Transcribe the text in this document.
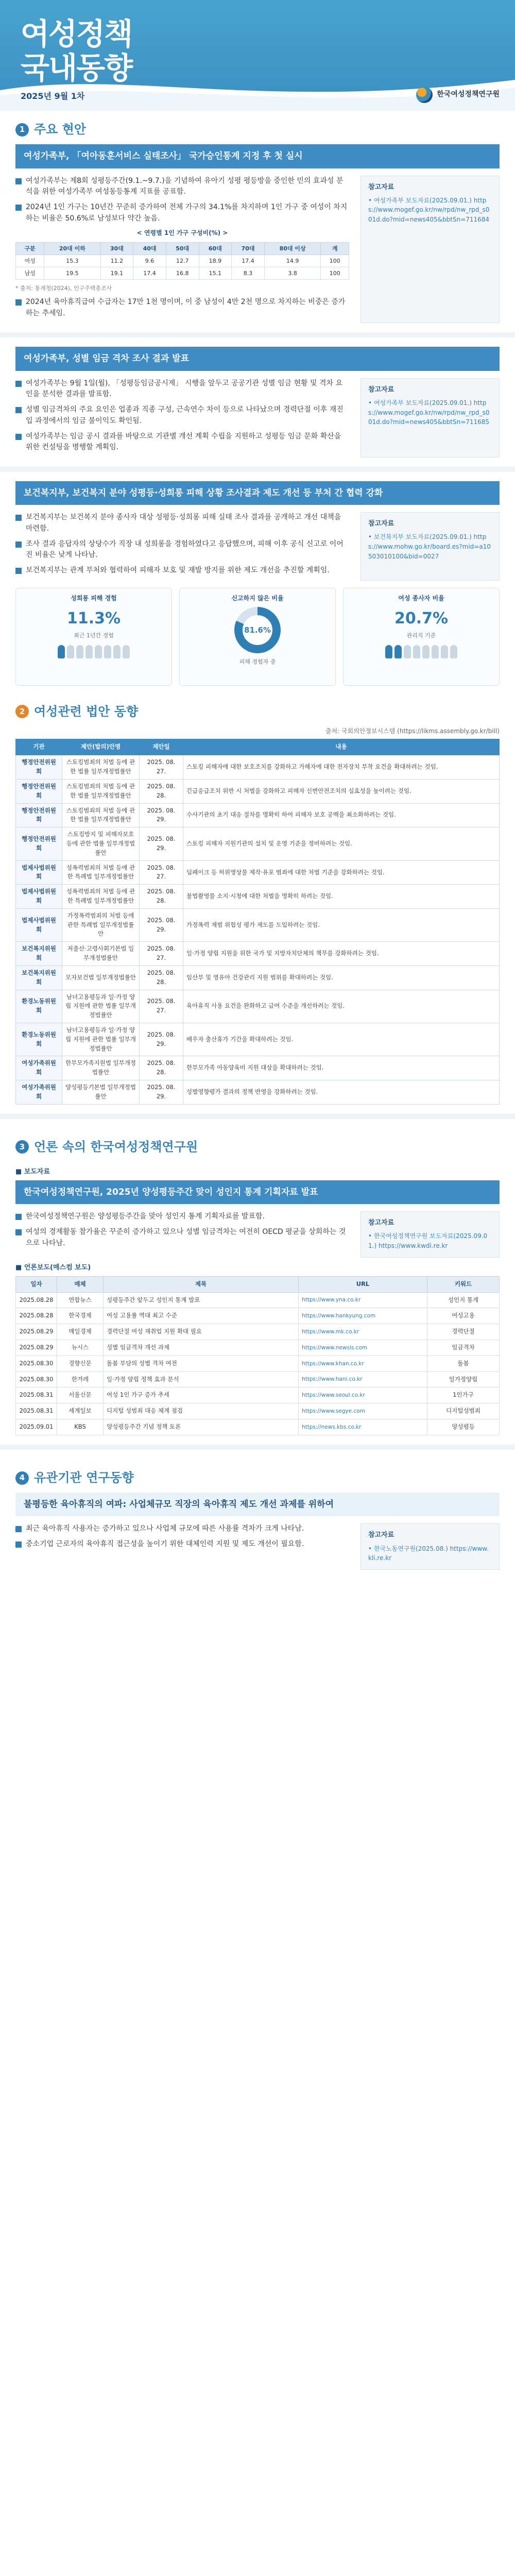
여성정책
국내동향
2025년 9월 1차	한국여성정책연구원
1 주요 현안
여성가족부, 「여아동훈서비스 실태조사」 국가승인통계 지정 후 첫 실시
여성가족부는 제8회 성평등주간(9.1.~9.7.)을 기념하여 유아기 성평 평등방을 중인한 민의 효과성 분석을 위한 여성가족부 여성동등통계 지표를 공표함.
2024년 1인 가구는 10년간 꾸준히 증가하여 전체 가구의 34.1%를 차지하며 1인 가구 중 여성이 차지하는 비율은 50.6%로 남성보다 약간 높음.
< 연령별 1인 가구 구성비(%) >
구분	20대 이하	30대	40대	50대	60대	70대	80대 이상	계
여성	15.3	11.2	9.6	12.7	18.9	17.4	14.9	100
남성	19.5	19.1	17.4	16.8	15.1	8.3	3.8	100
* 출처: 통계청(2024), 인구주택총조사
2024년 육아휴직급여 수급자는 17만 1천 명이며, 이 중 남성이 4만 2천 명으로 차지하는 비중은 증가하는 추세임.
참고자료
• 여성가족부 보도자료(2025.09.01.) https://www.mogef.go.kr/nw/rpd/nw_rpd_s001d.do?mid=news405&bbtSn=711684
여성가족부, 성별 임금 격차 조사 결과 발표
여성가족부는 9월 1일(월), 「성평등임금공시제」 시행을 앞두고 공공기관 성별 임금 현황 및 격차 요인을 분석한 결과를 발표함.
성별 임금격차의 주요 요인은 업종과 직종 구성, 근속연수 차이 등으로 나타났으며 경력단절 이후 재진입 과정에서의 임금 불이익도 확인됨.
여성가족부는 임금 공시 결과를 바탕으로 기관별 개선 계획 수립을 지원하고 성평등 임금 문화 확산을 위한 컨설팅을 병행할 계획임.
참고자료
• 여성가족부 보도자료(2025.09.01.) https://www.mogef.go.kr/nw/rpd/nw_rpd_s001d.do?mid=news405&bbtSn=711685
보건복지부, 보건복지 분야 성평등·성희롱 피해 상황 조사결과 제도 개선 등 부처 간 협력 강화
보건복지부는 보건복지 분야 종사자 대상 성평등·성희롱 피해 실태 조사 결과를 공개하고 개선 대책을 마련함.
조사 결과 응답자의 상당수가 직장 내 성희롱을 경험하였다고 응답했으며, 피해 이후 공식 신고로 이어진 비율은 낮게 나타남.
보건복지부는 관계 부처와 협력하여 피해자 보호 및 재발 방지를 위한 제도 개선을 추진할 계획임.
참고자료
• 보건복지부 보도자료(2025.09.01.) https://www.mohw.go.kr/board.es?mid=a10503010100&bid=0027
성희롱 피해 경험
11.3%
최근 1년간 경험
신고하지 않은 비율
81.6%
피해 경험자 중
여성 종사자 비율
20.7%
관리직 기준
2 여성관련 법안 동향
출처: 국회의안정보시스템 (https://likms.assembly.go.kr/bill)
기관	제안(발의)안명	제안일	내용
행정안전위원회	스토킹범죄의 처벌 등에 관한 법률 일부개정법률안	2025. 08. 27.	스토킹 피해자에 대한 보호조치를 강화하고 가해자에 대한 전자장치 부착 요건을 확대하려는 것임.
행정안전위원회	스토킹범죄의 처벌 등에 관한 법률 일부개정법률안	2025. 08. 28.	긴급응급조치 위반 시 처벌을 강화하고 피해자 신변안전조치의 실효성을 높이려는 것임.
행정안전위원회	스토킹범죄의 처벌 등에 관한 법률 일부개정법률안	2025. 08. 29.	수사기관의 초기 대응 절차를 명확히 하여 피해자 보호 공백을 최소화하려는 것임.
행정안전위원회	스토킹방지 및 피해자보호 등에 관한 법률 일부개정법률안	2025. 08. 29.	스토킹 피해자 지원기관의 설치 및 운영 기준을 정비하려는 것임.
법제사법위원회	성폭력범죄의 처벌 등에 관한 특례법 일부개정법률안	2025. 08. 27.	딥페이크 등 허위영상물 제작·유포 범죄에 대한 처벌 기준을 강화하려는 것임.
법제사법위원회	성폭력범죄의 처벌 등에 관한 특례법 일부개정법률안	2025. 08. 28.	불법촬영물 소지·시청에 대한 처벌을 명확히 하려는 것임.
법제사법위원회	가정폭력범죄의 처벌 등에 관한 특례법 일부개정법률안	2025. 08. 29.	가정폭력 재범 위험성 평가 제도를 도입하려는 것임.
보건복지위원회	저출산·고령사회기본법 일부개정법률안	2025. 08. 27.	일·가정 양립 지원을 위한 국가 및 지방자치단체의 책무를 강화하려는 것임.
보건복지위원회	모자보건법 일부개정법률안	2025. 08. 28.	임산부 및 영유아 건강관리 지원 범위를 확대하려는 것임.
환경노동위원회	남녀고용평등과 일·가정 양립 지원에 관한 법률 일부개정법률안	2025. 08. 27.	육아휴직 사용 요건을 완화하고 급여 수준을 개선하려는 것임.
환경노동위원회	남녀고용평등과 일·가정 양립 지원에 관한 법률 일부개정법률안	2025. 08. 29.	배우자 출산휴가 기간을 확대하려는 것임.
여성가족위원회	한부모가족지원법 일부개정법률안	2025. 08. 28.	한부모가족 아동양육비 지원 대상을 확대하려는 것임.
여성가족위원회	양성평등기본법 일부개정법률안	2025. 08. 29.	성별영향평가 결과의 정책 반영을 강화하려는 것임.
3 언론 속의 한국여성정책연구원
■ 보도자료
한국여성정책연구원, 2025년 양성평등주간 맞이 성인지 통계 기획자료 발표
한국여성정책연구원은 양성평등주간을 맞아 성인지 통계 기획자료를 발표함.
여성의 경제활동 참가율은 꾸준히 증가하고 있으나 성별 임금격차는 여전히 OECD 평균을 상회하는 것으로 나타남.
참고자료
• 한국여성정책연구원 보도자료(2025.09.01.) https://www.kwdi.re.kr
■ 언론보도(매스컴 보도)
일자	매체	제목	URL	키워드
2025.08.28	연합뉴스	성평등주간 앞두고 성인지 통계 발표	https://www.yna.co.kr	성인지 통계
2025.08.28	한국경제	여성 고용률 역대 최고 수준	https://www.hankyung.com	여성고용
2025.08.29	매일경제	경력단절 여성 재취업 지원 확대 필요	https://www.mk.co.kr	경력단절
2025.08.29	뉴시스	성별 임금격차 개선 과제	https://www.newsis.com	임금격차
2025.08.30	경향신문	돌봄 부담의 성별 격차 여전	https://www.khan.co.kr	돌봄
2025.08.30	한겨레	일·가정 양립 정책 효과 분석	https://www.hani.co.kr	일가정양립
2025.08.31	서울신문	여성 1인 가구 증가 추세	https://www.seoul.co.kr	1인가구
2025.08.31	세계일보	디지털 성범죄 대응 체계 점검	https://www.segye.com	디지털성범죄
2025.09.01	KBS	양성평등주간 기념 정책 토론	https://news.kbs.co.kr	양성평등
4 유관기관 연구동향
불평등한 육아휴직의 여파: 사업체규모 직장의 육아휴직 제도 개선 과제를 위하여
최근 육아휴직 사용자는 증가하고 있으나 사업체 규모에 따른 사용률 격차가 크게 나타남.
중소기업 근로자의 육아휴직 접근성을 높이기 위한 대체인력 지원 및 제도 개선이 필요함.
참고자료
• 한국노동연구원(2025.08.) https://www.kli.re.kr
